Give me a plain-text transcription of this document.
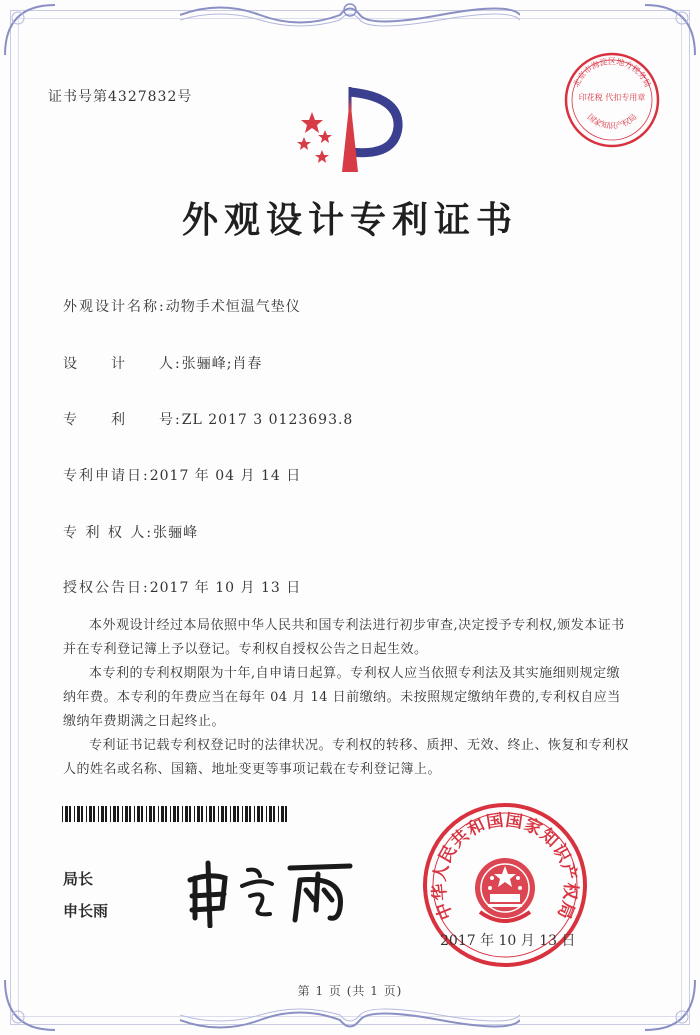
证书号第4327832号
北京市海淀区地方税务局
印花税 代扣专用章
国家知识产权局
外观设计专利证书
外观设计名称:动物手术恒温气垫仪
设　　计　　人:张骊峰;肖春
专　　利　　号:ZL 2017 3 0123693.8
专利申请日:2017 年 04 月 14 日
专 利 权 人:张骊峰
授权公告日:2017 年 10 月 13 日

本外观设计经过本局依照中华人民共和国专利法进行初步审查,决定授予专利权,颁发本证书并在专利登记簿上予以登记。专利权自授权公告之日起生效。

本专利的专利权期限为十年,自申请日起算。专利权人应当依照专利法及其实施细则规定缴纳年费。本专利的年费应当在每年 04 月 14 日前缴纳。未按照规定缴纳年费的,专利权自应当缴纳年费期满之日起终止。

专利证书记载专利权登记时的法律状况。专利权的转移、质押、无效、终止、恢复和专利权人的姓名或名称、国籍、地址变更等事项记载在专利登记簿上。

局长
申长雨	中华人民共和国国家知识产权局
2017 年 10 月 13 日
第 1 页 (共 1 页)
